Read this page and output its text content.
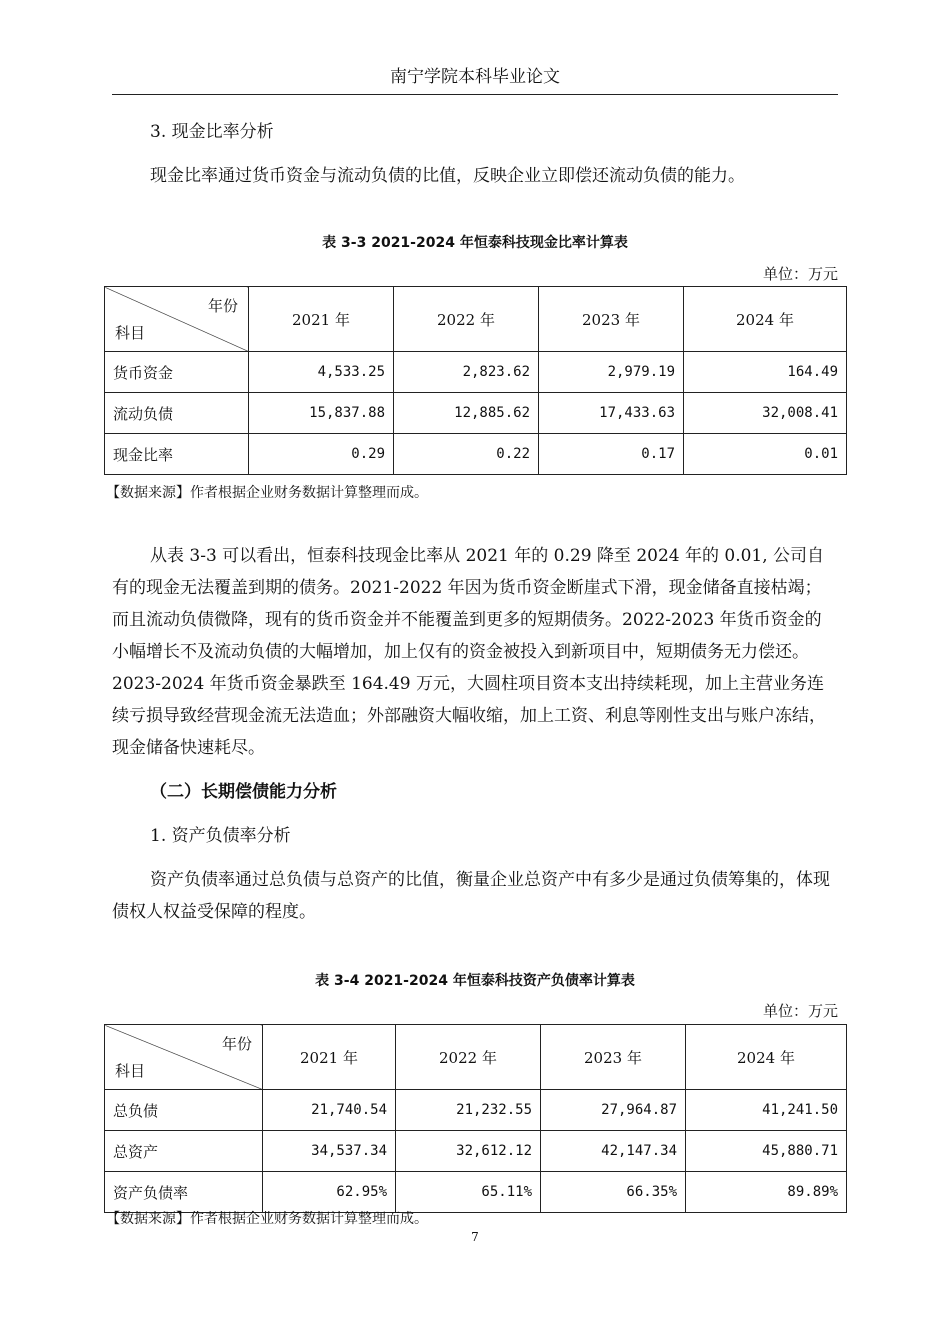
南宁学院本科毕业论文

3. 现金比率分析

现金比率通过货币资金与流动负债的比值，反映企业立即偿还流动负债的能力。

表 3-3 2021-2024 年恒泰科技现金比率计算表
单位：万元
年份
科目	2021 年	2022 年	2023 年	2024 年
货币资金	4,533.25	2,823.62	2,979.19	164.49
流动负债	15,837.88	12,885.62	17,433.63	32,008.41
现金比率	0.29	0.22	0.17	0.01
【数据来源】作者根据企业财务数据计算整理而成。

从表 3-3 可以看出，恒泰科技现金比率从 2021 年的 0.29 降至 2024 年的 0.01, 公司自有的现金无法覆盖到期的债务。2021-2022 年因为货币资金断崖式下滑，现金储备直接枯竭；而且流动负债微降，现有的货币资金并不能覆盖到更多的短期债务。2022-2023 年货币资金的小幅增长不及流动负债的大幅增加，加上仅有的资金被投入到新项目中，短期债务无力偿还。2023-2024 年货币资金暴跌至 164.49 万元，大圆柱项目资本支出持续耗现，加上主营业务连续亏损导致经营现金流无法造血；外部融资大幅收缩，加上工资、利息等刚性支出与账户冻结，现金储备快速耗尽。

（二）长期偿债能力分析

1. 资产负债率分析

资产负债率通过总负债与总资产的比值，衡量企业总资产中有多少是通过负债筹集的，体现债权人权益受保障的程度。

表 3-4 2021-2024 年恒泰科技资产负债率计算表
单位：万元
年份
科目	2021 年	2022 年	2023 年	2024 年
总负债	21,740.54	21,232.55	27,964.87	41,241.50
总资产	34,537.34	32,612.12	42,147.34	45,880.71
资产负债率	62.95%	65.11%	66.35%	89.89%
【数据来源】作者根据企业财务数据计算整理而成。
7
